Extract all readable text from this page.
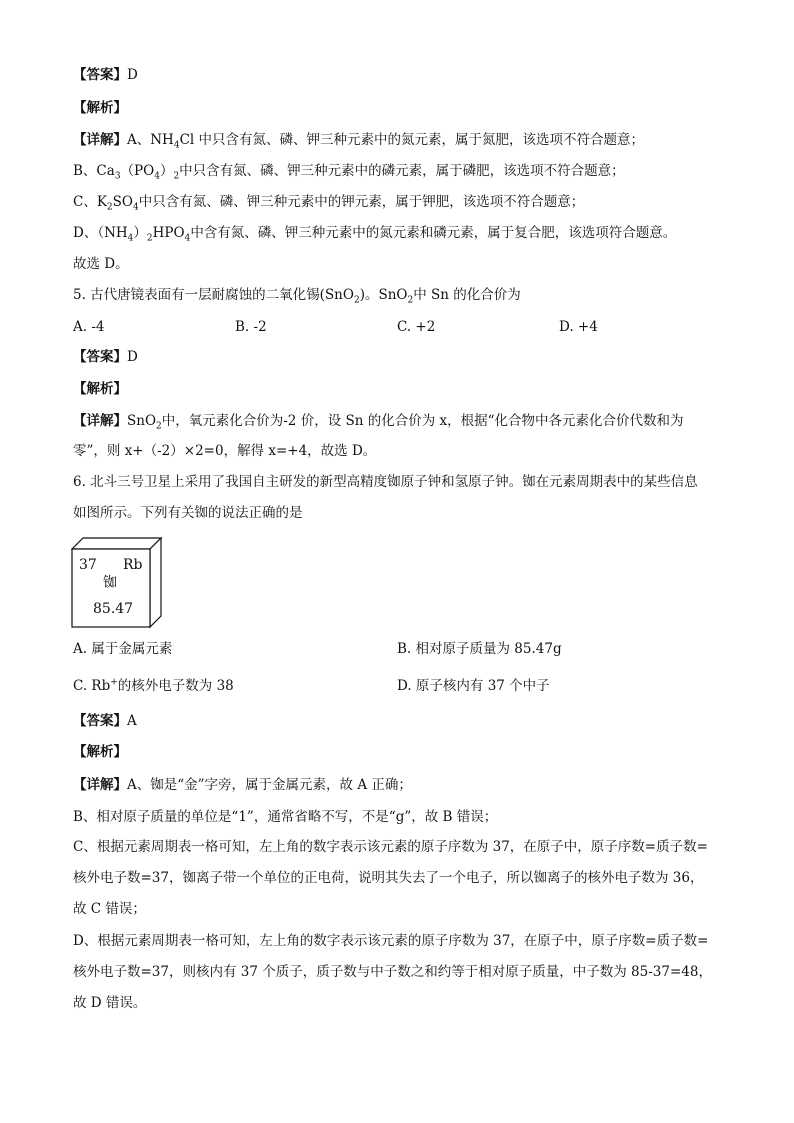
【答案】D
【解析】
【详解】A、$NH_4Cl$ 中只含有氮、磷、钾三种元素中的氮元素，属于氮肥，该选项不符合题意；
B、$Ca_3(PO_4)_2$中只含有氮、磷、钾三种元素中的磷元素，属于磷肥，该选项不符合题意；
C、$K_2SO_4$中只含有氮、磷、钾三种元素中的钾元素，属于钾肥，该选项不符合题意；
D、$(NH_4)_2HPO_4$中含有氮、磷、钾三种元素中的氮元素和磷元素，属于复合肥，该选项符合题意。
故选 D。
5. 古代唐镜表面有一层耐腐蚀的二氧化锡(SnO$_2$)。SnO$_2$中 Sn 的化合价为
A. -4	B. -2	C. +2	D. +4
【答案】D
【解析】
【详解】SnO$_2$中，氧元素化合价为-2 价，设 Sn 的化合价为 x，根据“化合物中各元素化合价代数和为
零”，则 x+（-2）×2=0，解得 x=+4，故选 D。
6. 北斗三号卫星上采用了我国自主研发的新型高精度铷原子钟和氢原子钟。铷在元素周期表中的某些信息
如图所示。下列有关铷的说法正确的是
37 Rb
铷
85.47
A. 属于金属元素	B. 相对原子质量为 85.47g
C. Rb+的核外电子数为 38	D. 原子核内有 37 个中子
【答案】A
【解析】
【详解】A、铷是“金”字旁，属于金属元素，故 A 正确；
B、相对原子质量的单位是“1”，通常省略不写，不是“g”，故 B 错误；
C、根据元素周期表一格可知，左上角的数字表示该元素的原子序数为 37，在原子中，原子序数=质子数=
核外电子数=37，铷离子带一个单位的正电荷，说明其失去了一个电子，所以铷离子的核外电子数为 36，
故 C 错误；
D、根据元素周期表一格可知，左上角的数字表示该元素的原子序数为 37，在原子中，原子序数=质子数=
核外电子数=37，则核内有 37 个质子，质子数与中子数之和约等于相对原子质量，中子数为 85-37=48，
故 D 错误。
